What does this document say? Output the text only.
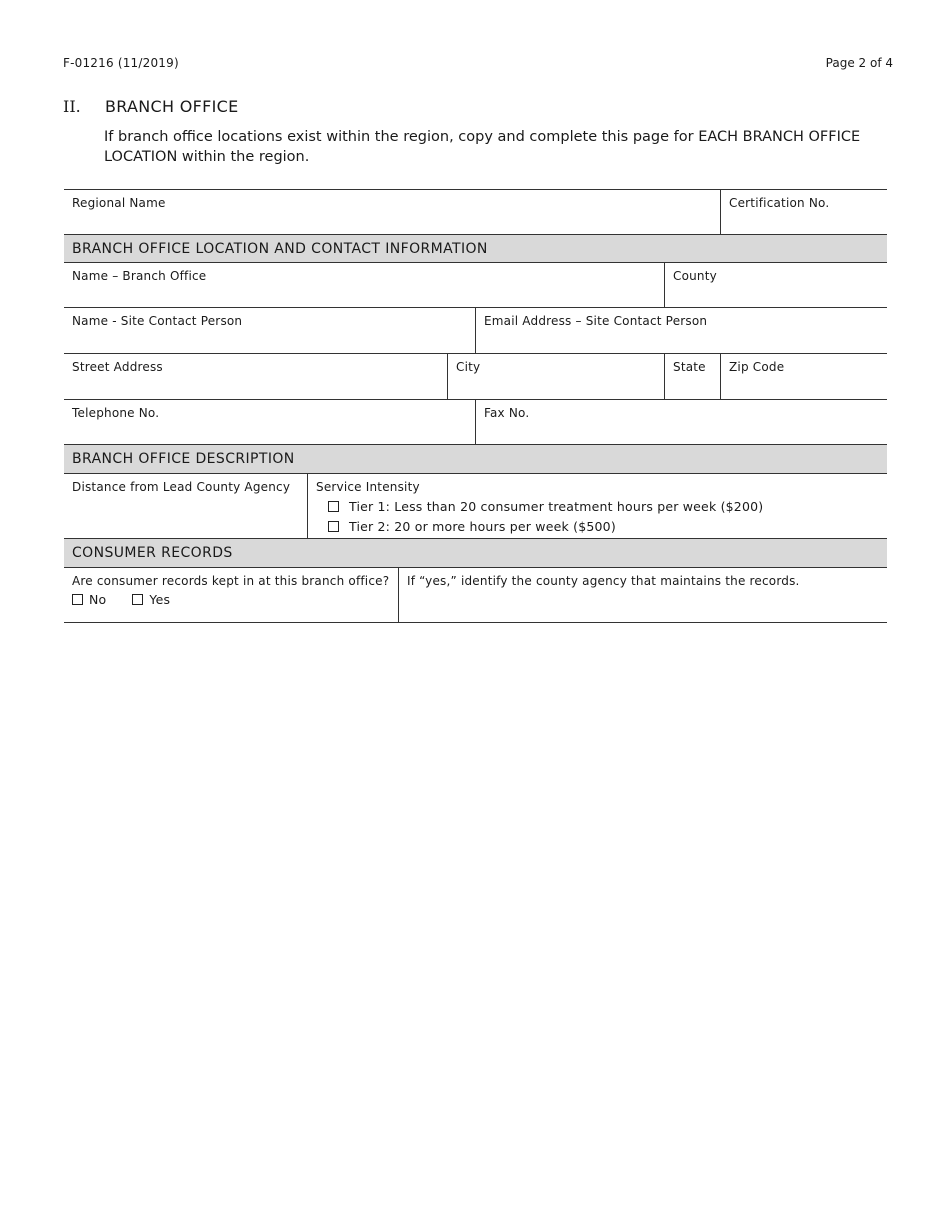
F-01216 (11/2019)	Page 2 of 4
II. BRANCH OFFICE
If branch office locations exist within the region, copy and complete this page for EACH BRANCH OFFICE LOCATION within the region.
Regional Name	Certification No.
BRANCH OFFICE LOCATION AND CONTACT INFORMATION
Name – Branch Office	County
Name - Site Contact Person	Email Address – Site Contact Person
Street Address	City	State	Zip Code
Telephone No.	Fax No.
BRANCH OFFICE DESCRIPTION
Distance from Lead County Agency	Service Intensity
Tier 1: Less than 20 consumer treatment hours per week ($200)
Tier 2: 20 or more hours per week ($500)
CONSUMER RECORDS
Are consumer records kept in at this branch office?
No	Yes
If “yes,” identify the county agency that maintains the records.
